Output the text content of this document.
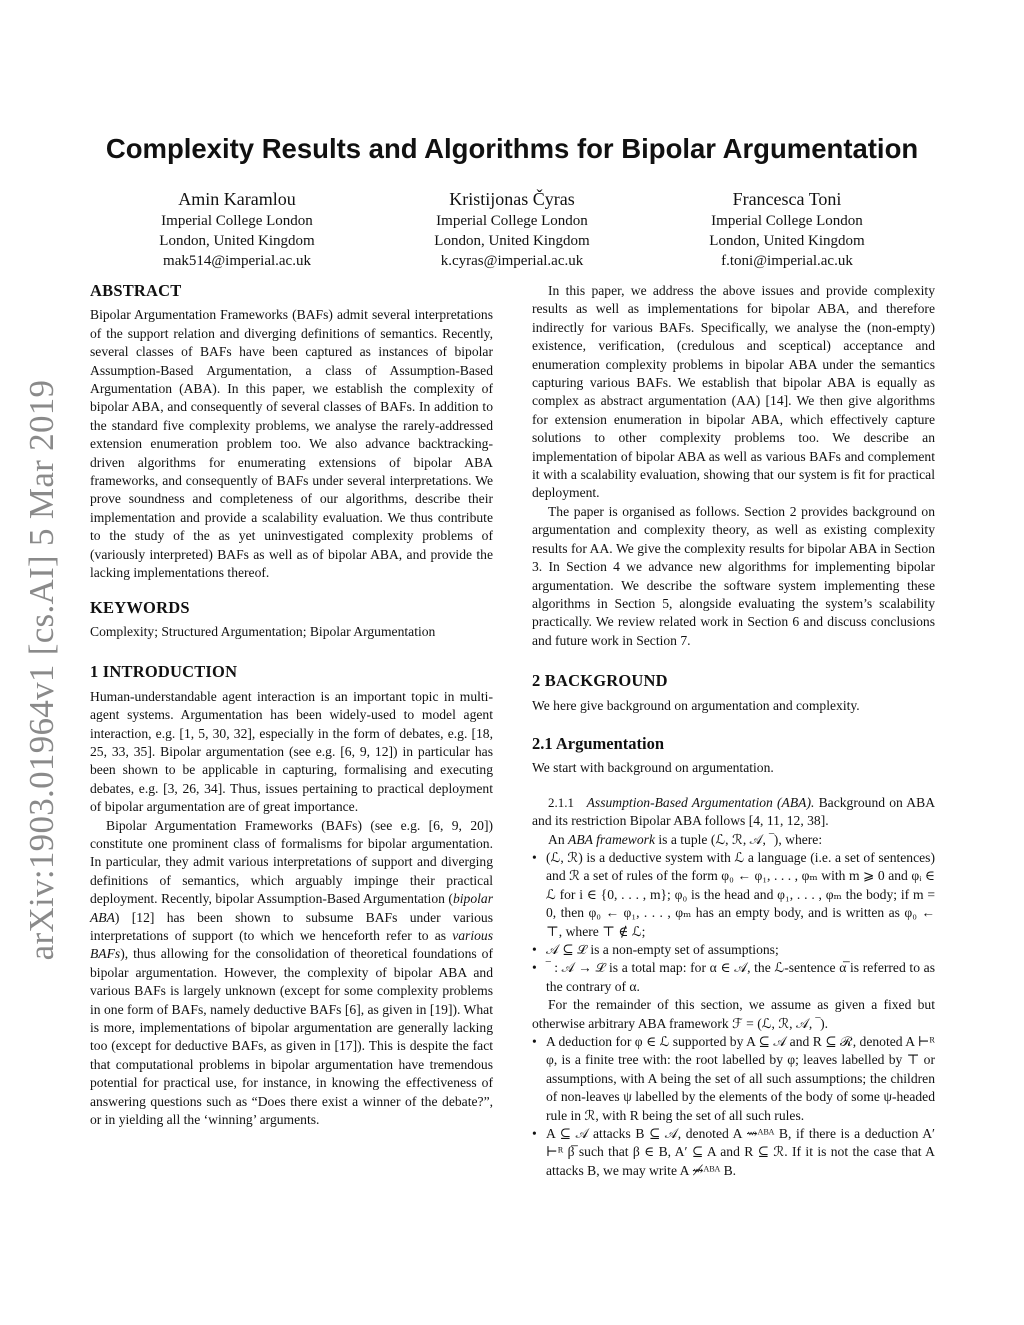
arXiv:1903.01964v1 [cs.AI] 5 Mar 2019
Complexity Results and Algorithms for Bipolar Argumentation
Amin Karamlou
Imperial College London
London, United Kingdom
mak514@imperial.ac.uk
Kristijonas Čyras
Imperial College London
London, United Kingdom
k.cyras@imperial.ac.uk
Francesca Toni
Imperial College London
London, United Kingdom
f.toni@imperial.ac.uk
ABSTRACT

Bipolar Argumentation Frameworks (BAFs) admit several interpretations of the support relation and diverging definitions of semantics. Recently, several classes of BAFs have been captured as instances of bipolar Assumption-Based Argumentation, a class of Assumption-Based Argumentation (ABA). In this paper, we establish the complexity of bipolar ABA, and consequently of several classes of BAFs. In addition to the standard five complexity problems, we analyse the rarely-addressed extension enumeration problem too. We also advance backtracking-driven algorithms for enumerating extensions of bipolar ABA frameworks, and consequently of BAFs under several interpretations. We prove soundness and completeness of our algorithms, describe their implementation and provide a scalability evaluation. We thus contribute to the study of the as yet uninvestigated complexity problems of (variously interpreted) BAFs as well as of bipolar ABA, and provide the lacking implementations thereof.

KEYWORDS

Complexity; Structured Argumentation; Bipolar Argumentation

1 INTRODUCTION

Human-understandable agent interaction is an important topic in multi-agent systems. Argumentation has been widely-used to model agent interaction, e.g. [1, 5, 30, 32], especially in the form of debates, e.g. [18, 25, 33, 35]. Bipolar argumentation (see e.g. [6, 9, 12]) in particular has been shown to be applicable in capturing, formalising and executing debates, e.g. [3, 26, 34]. Thus, issues pertaining to practical deployment of bipolar argumentation are of great importance.

Bipolar Argumentation Frameworks (BAFs) (see e.g. [6, 9, 20]) constitute one prominent class of formalisms for bipolar argumentation. In particular, they admit various interpretations of support and diverging definitions of semantics, which arguably impinge their practical deployment. Recently, bipolar Assumption-Based Argumentation (bipolar ABA) [12] has been shown to subsume BAFs under various interpretations of support (to which we henceforth refer to as various BAFs), thus allowing for the consolidation of theoretical foundations of bipolar argumentation. However, the complexity of bipolar ABA and various BAFs is largely unknown (except for some complexity problems in one form of BAFs, namely deductive BAFs [6], as given in [19]). What is more, implementations of bipolar argumentation are generally lacking too (except for deductive BAFs, as given in [17]). This is despite the fact that computational problems in bipolar argumentation have tremendous potential for practical use, for instance, in knowing the effectiveness of answering questions such as “Does there exist a winner of the debate?”, or in yielding all the ‘winning’ arguments.

In this paper, we address the above issues and provide complexity results as well as implementations for bipolar ABA, and therefore indirectly for various BAFs. Specifically, we analyse the (non-empty) existence, verification, (credulous and sceptical) acceptance and enumeration complexity problems in bipolar ABA under the semantics capturing various BAFs. We establish that bipolar ABA is equally as complex as abstract argumentation (AA) [14]. We then give algorithms for extension enumeration in bipolar ABA, which effectively capture solutions to other complexity problems too. We describe an implementation of bipolar ABA as well as various BAFs and complement it with a scalability evaluation, showing that our system is fit for practical deployment.

The paper is organised as follows. Section 2 provides background on argumentation and complexity theory, as well as existing complexity results for AA. We give the complexity results for bipolar ABA in Section 3. In Section 4 we advance new algorithms for implementing bipolar argumentation. We describe the software system implementing these algorithms in Section 5, alongside evaluating the system’s scalability practically. We review related work in Section 6 and discuss conclusions and future work in Section 7.

2 BACKGROUND

We here give background on argumentation and complexity.

2.1 Argumentation

We start with background on argumentation.

2.1.1 Assumption-Based Argumentation (ABA). Background on ABA and its restriction Bipolar ABA follows [4, 11, 12, 38].

An ABA framework is a tuple (ℒ, ℛ, 𝒜, ‾), where:

• (ℒ, ℛ) is a deductive system with ℒ a language (i.e. a set of sentences) and ℛ a set of rules of the form φ₀ ← φ₁, . . . , φₘ with m ⩾ 0 and φᵢ ∈ ℒ for i ∈ {0, . . . , m}; φ₀ is the head and φ₁, . . . , φₘ the body; if m = 0, then φ₀ ← φ₁, . . . , φₘ has an empty body, and is written as φ₀ ← ⊤, where ⊤ ∉ ℒ;
• 𝒜 ⊆ ℒ is a non-empty set of assumptions;
• ‾ : 𝒜 → ℒ is a total map: for α ∈ 𝒜, the ℒ-sentence α̅ is referred to as the contrary of α.

For the remainder of this section, we assume as given a fixed but otherwise arbitrary ABA framework ℱ = (ℒ, ℛ, 𝒜, ‾).

• A deduction for φ ∈ ℒ supported by A ⊆ 𝒜 and R ⊆ ℛ, denoted A ⊢ᴿ φ, is a finite tree with: the root labelled by φ; leaves labelled by ⊤ or assumptions, with A being the set of all such assumptions; the children of non-leaves ψ labelled by the elements of the body of some ψ-headed rule in ℛ, with R being the set of all such rules.
• A ⊆ 𝒜 attacks B ⊆ 𝒜, denoted A ⇝ᴬᴮᴬ B, if there is a deduction A′ ⊢ᴿ β̅ such that β ∈ B, A′ ⊆ A and R ⊆ ℛ. If it is not the case that A attacks B, we may write A ⇝̸ᴬᴮᴬ B.
